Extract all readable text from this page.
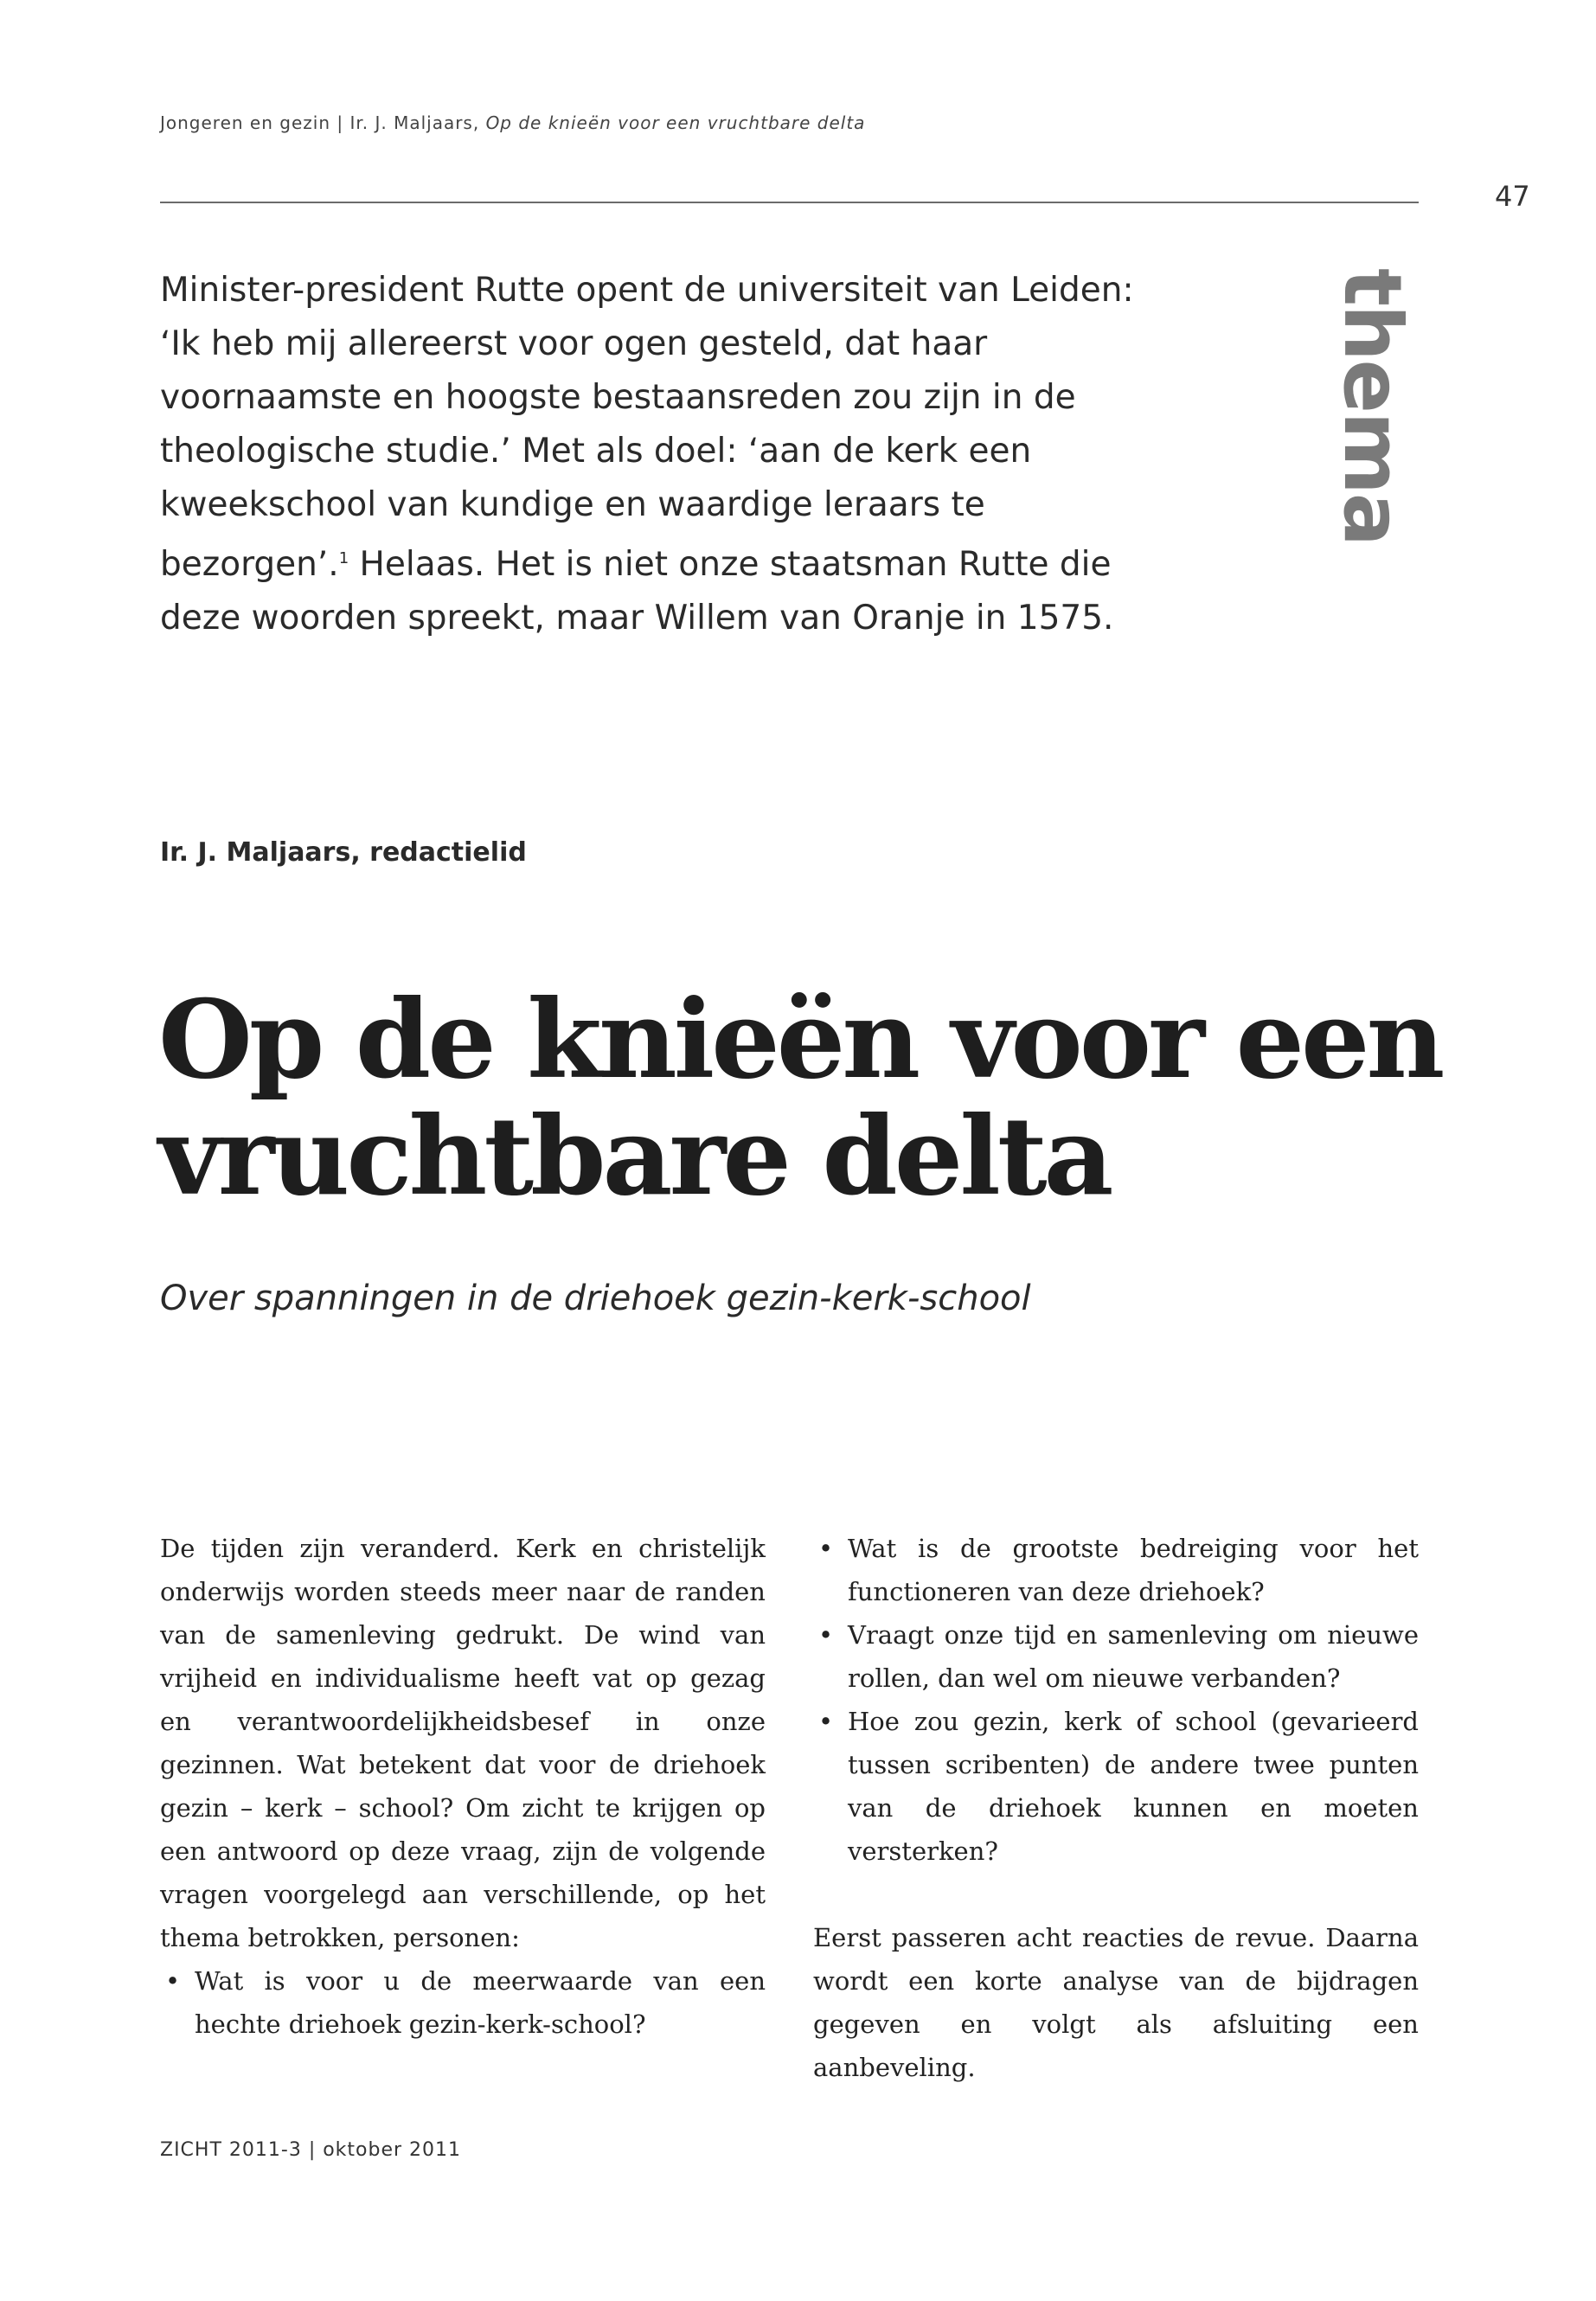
Jongeren en gezin | Ir. J. Maljaars, Op de knieën voor een vruchtbare delta
47

Minister-president Rutte opent de universiteit van Leiden:
‘Ik heb mij allereerst voor ogen gesteld, dat haar
voornaamste en hoogste bestaansreden zou zijn in de
theologische studie.’ Met als doel: ‘aan de kerk een
kweekschool van kundige en waardige leraars te
bezorgen’.$^1$ Helaas. Het is niet onze staatsman Rutte die
deze woorden spreekt, maar Willem van Oranje in 1575.

thema
Ir. J. Maljaars, redactielid
Op de knieën voor een
vruchtbare delta
Over spanningen in de driehoek gezin-kerk-school

De tijden zijn veranderd. Kerk en christelijk onderwijs worden steeds meer naar de randen van de samenleving gedrukt. De wind van vrijheid en individualisme heeft vat op gezag en verantwoordelijkheidsbesef in onze gezinnen. Wat betekent dat voor de driehoek gezin – kerk – school? Om zicht te krijgen op een antwoord op deze vraag, zijn de volgende vragen voorgelegd aan verschillende, op het thema betrokken, personen:

• Wat is voor u de meerwaarde van een hechte driehoek gezin-kerk-school?
• Wat is de grootste bedreiging voor het functioneren van deze driehoek?
• Vraagt onze tijd en samenleving om nieuwe rollen, dan wel om nieuwe verbanden?
• Hoe zou gezin, kerk of school (gevarieerd tussen scribenten) de andere twee punten van de driehoek kunnen en moeten versterken?

Eerst passeren acht reacties de revue. Daarna wordt een korte analyse van de bijdragen gegeven en volgt als afsluiting een aanbeveling.

ZICHT 2011-3 | oktober 2011
